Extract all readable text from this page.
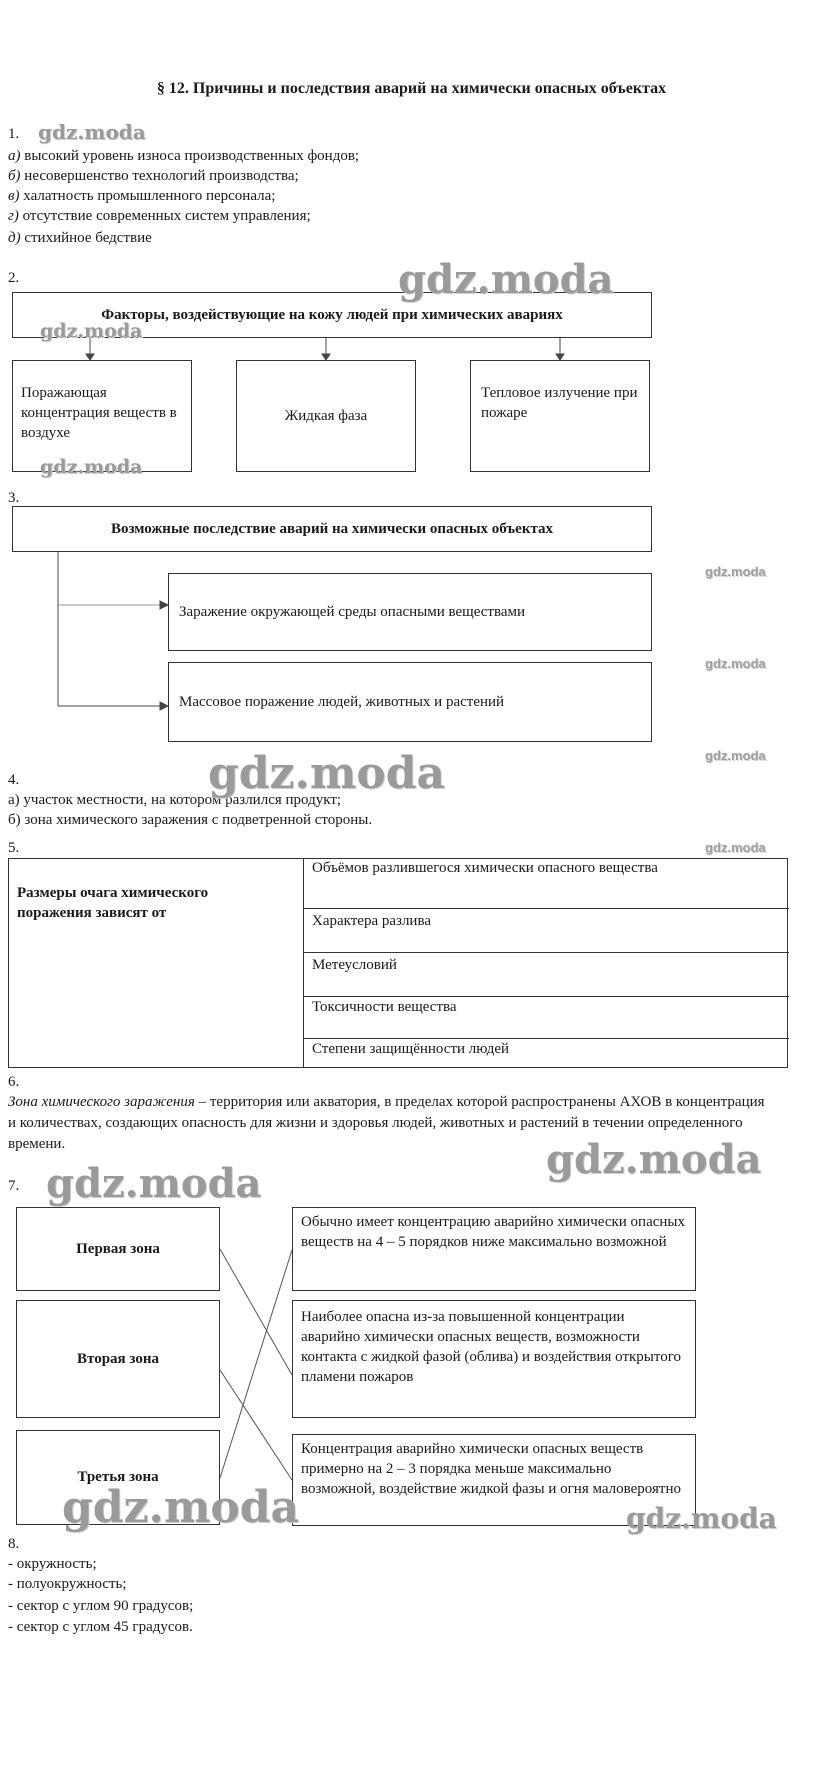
§ 12. Причины и последствия аварий на химически опасных объектах
1.
а) высокий уровень износа производственных фондов;
б) несовершенство технологий производства;
в) халатность промышленного персонала;
г) отсутствие современных систем управления;
д) стихийное бедствие
2.
Факторы, воздействующие на кожу людей при химических авариях
Поражающая концентрация веществ в воздухе
Жидкая фаза
Тепловое излучение при пожаре
3.
Возможные последствие аварий на химически опасных объектах
Заражение окружающей среды опасными веществами
Массовое поражение людей, животных и растений
4.
а) участок местности, на котором разлился продукт;
б) зона химического заражения с подветренной стороны.
5.
Размеры очага химического поражения зависят от
Объёмов разлившегося химически опасного вещества
Характера разлива
Метеусловий
Токсичности вещества
Степени защищённости людей
6.
Зона химического заражения – территория или акватория, в пределах которой распространены АХОВ в концентрация и количествах, создающих опасность для жизни и здоровья людей, животных и растений в течении определенного времени.
7.
Первая зона
Вторая зона
Третья зона
Обычно имеет концентрацию аварийно химически опасных веществ на 4 – 5 порядков ниже максимально возможной
Наиболее опасна из-за повышенной концентрации аварийно химически опасных веществ, возможности контакта с жидкой фазой (облива) и воздействия открытого пламени пожаров
Концентрация аварийно химически опасных веществ примерно на 2 – 3 порядка меньше максимально возможной, воздействие жидкой фазы и огня маловероятно
8.
- окружность;
- полуокружность;
- сектор с углом 90 градусов;
- сектор с углом 45 градусов.
gdz.moda
gdz.moda
gdz.moda
gdz.moda
gdz.moda
gdz.moda
gdz.moda	gdz.moda
gdz.moda
gdz.moda
gdz.moda
gdz.moda	gdz.moda
